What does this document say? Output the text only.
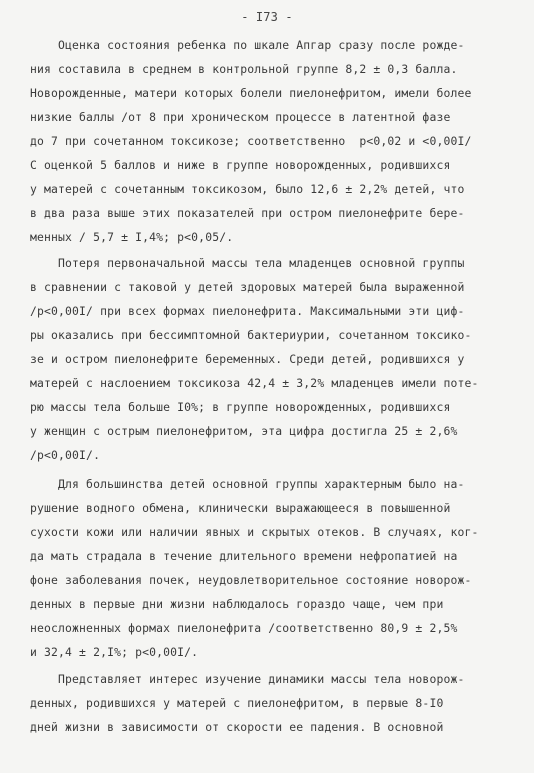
- I73 -
Оценка состояния ребенка по шкале Апгар сразу после рожде-
ния составила в среднем в контрольной группе 8,2 ± 0,3 балла.
Новорожденные, матери которых болели пиелонефритом, имели более
низкие баллы /от 8 при хроническом процессе в латентной фазе
до 7 при сочетанном токсикозе; соответственно  р<0,02 и <0,00I/
С оценкой 5 баллов и ниже в группе новорожденных, родившихся
у матерей с сочетанным токсикозом, было 12,6 ± 2,2% детей, что
в два раза выше этих показателей при остром пиелонефрите бере-
менных / 5,7 ± I,4%; р<0,05/.
Потеря первоначальной массы тела младенцев основной группы
в сравнении с таковой у детей здоровых матерей была выраженной
/р<0,00I/ при всех формах пиелонефрита. Максимальными эти циф-
ры оказались при бессимптомной бактериурии, сочетанном токсико-
зе и остром пиелонефрите беременных. Среди детей, родившихся у
матерей с наслоением токсикоза 42,4 ± 3,2% младенцев имели поте-
рю массы тела больше I0%; в группе новорожденных, родившихся
у женщин с острым пиелонефритом, эта цифра достигла 25 ± 2,6%
/р<0,00I/.
Для большинства детей основной группы характерным было на-
рушение водного обмена, клинически выражающееся в повышенной
сухости кожи или наличии явных и скрытых отеков. В случаях, ког-
да мать страдала в течение длительного времени нефропатией на
фоне заболевания почек, неудовлетворительное состояние новорож-
денных в первые дни жизни наблюдалось гораздо чаще, чем при
неосложненных формах пиелонефрита /соответственно 80,9 ± 2,5%
и 32,4 ± 2,I%; р<0,00I/.
Представляет интерес изучение динамики массы тела новорож-
денных, родившихся у матерей с пиелонефритом, в первые 8-I0
дней жизни в зависимости от скорости ее падения. В основной
